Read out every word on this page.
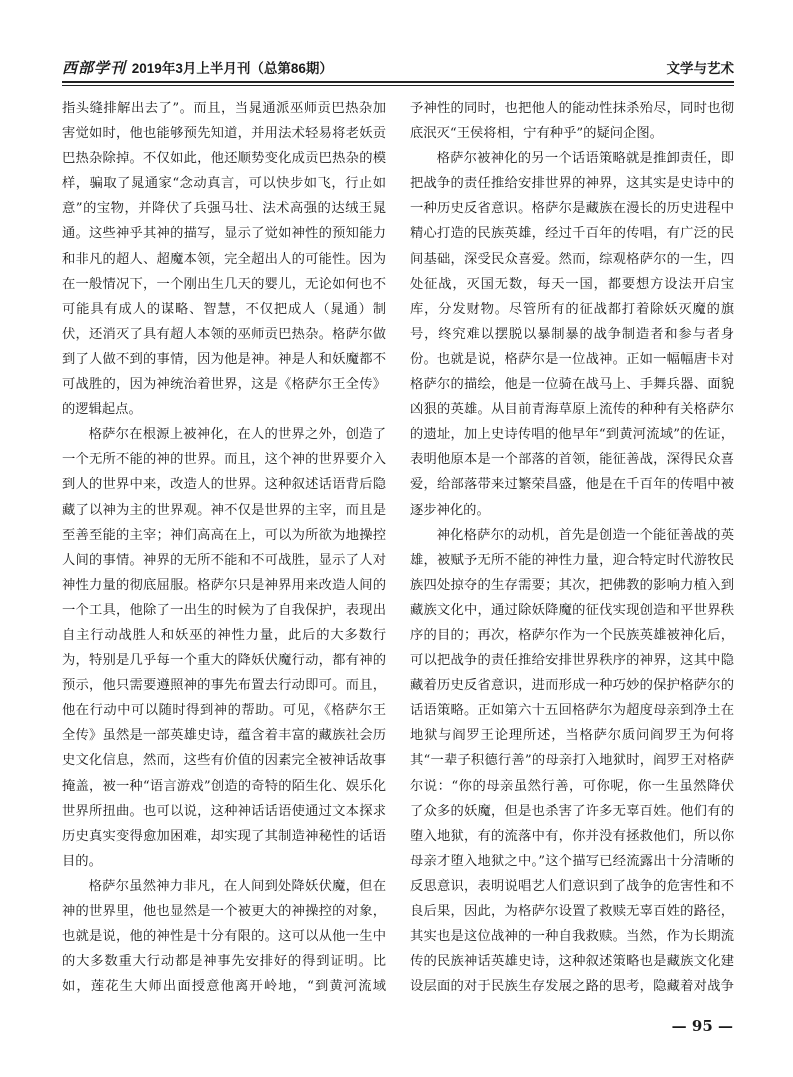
西部学刊 2019年3月上半月刊（总第86期）	文学与艺术

指头缝排解出去了”。而且，当晁通派巫师贡巴热杂加害觉如时，他也能够预先知道，并用法术轻易将老妖贡巴热杂除掉。不仅如此，他还顺势变化成贡巴热杂的模样，骗取了晁通家“念动真言，可以快步如飞，行止如意”的宝物，并降伏了兵强马壮、法术高强的达绒王晁通。这些神乎其神的描写，显示了觉如神性的预知能力和非凡的超人、超魔本领，完全超出人的可能性。因为在一般情况下，一个刚出生几天的婴儿，无论如何也不可能具有成人的谋略、智慧，不仅把成人（晁通）制伏，还消灭了具有超人本领的巫师贡巴热杂。格萨尔做到了人做不到的事情，因为他是神。神是人和妖魔都不可战胜的，因为神统治着世界，这是《格萨尔王全传》的逻辑起点。

格萨尔在根源上被神化，在人的世界之外，创造了一个无所不能的神的世界。而且，这个神的世界要介入到人的世界中来，改造人的世界。这种叙述话语背后隐藏了以神为主的世界观。神不仅是世界的主宰，而且是至善至能的主宰；神们高高在上，可以为所欲为地操控人间的事情。神界的无所不能和不可战胜，显示了人对神性力量的彻底屈服。格萨尔只是神界用来改造人间的一个工具，他除了一出生的时候为了自我保护，表现出自主行动战胜人和妖巫的神性力量，此后的大多数行为，特别是几乎每一个重大的降妖伏魔行动，都有神的预示，他只需要遵照神的事先布置去行动即可。而且，他在行动中可以随时得到神的帮助。可见，《格萨尔王全传》虽然是一部英雄史诗，蕴含着丰富的藏族社会历史文化信息，然而，这些有价值的因素完全被神话故事掩盖，被一种“语言游戏”创造的奇特的陌生化、娱乐化世界所扭曲。也可以说，这种神话话语使通过文本探求历史真实变得愈加困难，却实现了其制造神秘性的话语目的。

格萨尔虽然神力非凡，在人间到处降妖伏魔，但在神的世界里，他也显然是一个被更大的神操控的对象，也就是说，他的神性是十分有限的。这可以从他一生中的大多数重大行动都是神事先安排好的得到证明。比如，莲花生大师出面授意他离开岭地，“到黄河流域

予神性的同时，也把他人的能动性抹杀殆尽，同时也彻底泯灭“王侯将相，宁有种乎”的疑问企图。

格萨尔被神化的另一个话语策略就是推卸责任，即把战争的责任推给安排世界的神界，这其实是史诗中的一种历史反省意识。格萨尔是藏族在漫长的历史进程中精心打造的民族英雄，经过千百年的传唱，有广泛的民间基础，深受民众喜爱。然而，综观格萨尔的一生，四处征战，灭国无数，每天一国，都要想方设法开启宝库，分发财物。尽管所有的征战都打着除妖灭魔的旗号，终究难以摆脱以暴制暴的战争制造者和参与者身份。也就是说，格萨尔是一位战神。正如一幅幅唐卡对格萨尔的描绘，他是一位骑在战马上、手舞兵器、面貌凶狠的英雄。从目前青海草原上流传的种种有关格萨尔的遗址，加上史诗传唱的他早年“到黄河流域”的佐证，表明他原本是一个部落的首领，能征善战，深得民众喜爱，给部落带来过繁荣昌盛，他是在千百年的传唱中被逐步神化的。

神化格萨尔的动机，首先是创造一个能征善战的英雄，被赋予无所不能的神性力量，迎合特定时代游牧民族四处掠夺的生存需要；其次，把佛教的影响力植入到藏族文化中，通过除妖降魔的征伐实现创造和平世界秩序的目的；再次，格萨尔作为一个民族英雄被神化后，可以把战争的责任推给安排世界秩序的神界，这其中隐藏着历史反省意识，进而形成一种巧妙的保护格萨尔的话语策略。正如第六十五回格萨尔为超度母亲到净土在地狱与阎罗王论理所述，当格萨尔质问阎罗王为何将其“一辈子积德行善”的母亲打入地狱时，阎罗王对格萨尔说：“你的母亲虽然行善，可你呢，你一生虽然降伏了众多的妖魔，但是也杀害了许多无辜百姓。他们有的堕入地狱，有的流落中有，你并没有拯救他们，所以你母亲才堕入地狱之中。”这个描写已经流露出十分清晰的反思意识，表明说唱艺人们意识到了战争的危害性和不良后果，因此，为格萨尔设置了救赎无辜百姓的路径，其实也是这位战神的一种自我救赎。当然，作为长期流传的民族神话英雄史诗，这种叙述策略也是藏族文化建设层面的对于民族生存发展之路的思考，隐藏着对战争

— 95 —
